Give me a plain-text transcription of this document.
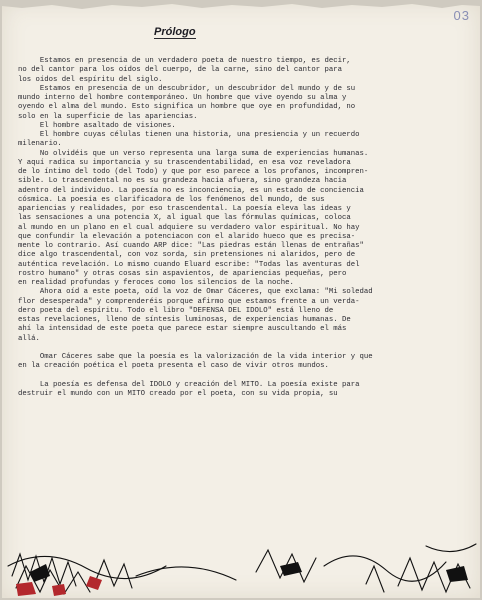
03
Prólogo
Estamos en presencia de un verdadero poeta de nuestro tiempo, es decir,
no del cantor para los oídos del cuerpo, de la carne, sino del cantor para
los oídos del espíritu del siglo.
Estamos en presencia de un descubridor, un descubridor del mundo y de su
mundo interno del hombre contemporáneo. Un hombre que vive oyendo su alma y
oyendo el alma del mundo. Esto significa un hombre que oye en profundidad, no
solo en la superficie de las apariencias.
El hombre asaltado de visiones.
El hombre cuyas células tienen una historia, una presiencia y un recuerdo
milenario.
No olvidéis que un verso representa una larga suma de experiencias humanas.
Y aquí radica su importancia y su trascendentabilidad, en esa voz reveladora
de lo íntimo del todo (del Todo) y que por eso parece a los profanos, incompren-
sible. Lo trascendental no es su grandeza hacia afuera, sino grandeza hacia
adentro del individuo. La poesía no es inconciencia, es un estado de conciencia
cósmica. La poesía es clarificadora de los fenómenos del mundo, de sus
apariencias y realidades, por eso trascendental. La poesía eleva las ideas y
las sensaciones a una potencia X, al igual que las fórmulas químicas, coloca
al mundo en un plano en el cual adquiere su verdadero valor espiritual. No hay
que confundir la elevación a potenciacon con el alarido hueco que es precisa-
mente lo contrario. Así cuando ARP dice: "Las piedras están llenas de entrañas"
dice algo trascendental, con voz sorda, sin pretensiones ni alaridos, pero de
auténtica revelación. Lo mismo cuando Eluard escribe: "Todas las aventuras del
rostro humano" y otras cosas sin aspavientos, de apariencias pequeñas, pero
en realidad profundas y feroces como los silencios de la noche.
Ahora oíd a este poeta, oíd la voz de Omar Cáceres, que exclama: "Mi soledad
flor desesperada" y comprenderéis porque afirmo que estamos frente a un verda-
dero poeta del espíritu. Todo el libro "DEFENSA DEL IDOLO" está lleno de
estas revelaciones, lleno de síntesis luminosas, de experiencias humanas. De
ahí la intensidad de este poeta que parece estar siempre auscultando el más
allá.
Omar Cáceres sabe que la poesía es la valorización de la vida interior y que
en la creación poética el poeta presenta el caso de vivir otros mundos.
La poesía es defensa del IDOLO y creación del MITO. La poesía existe para
destruir el mundo con un MITO creado por el poeta, con su vida propia, su
